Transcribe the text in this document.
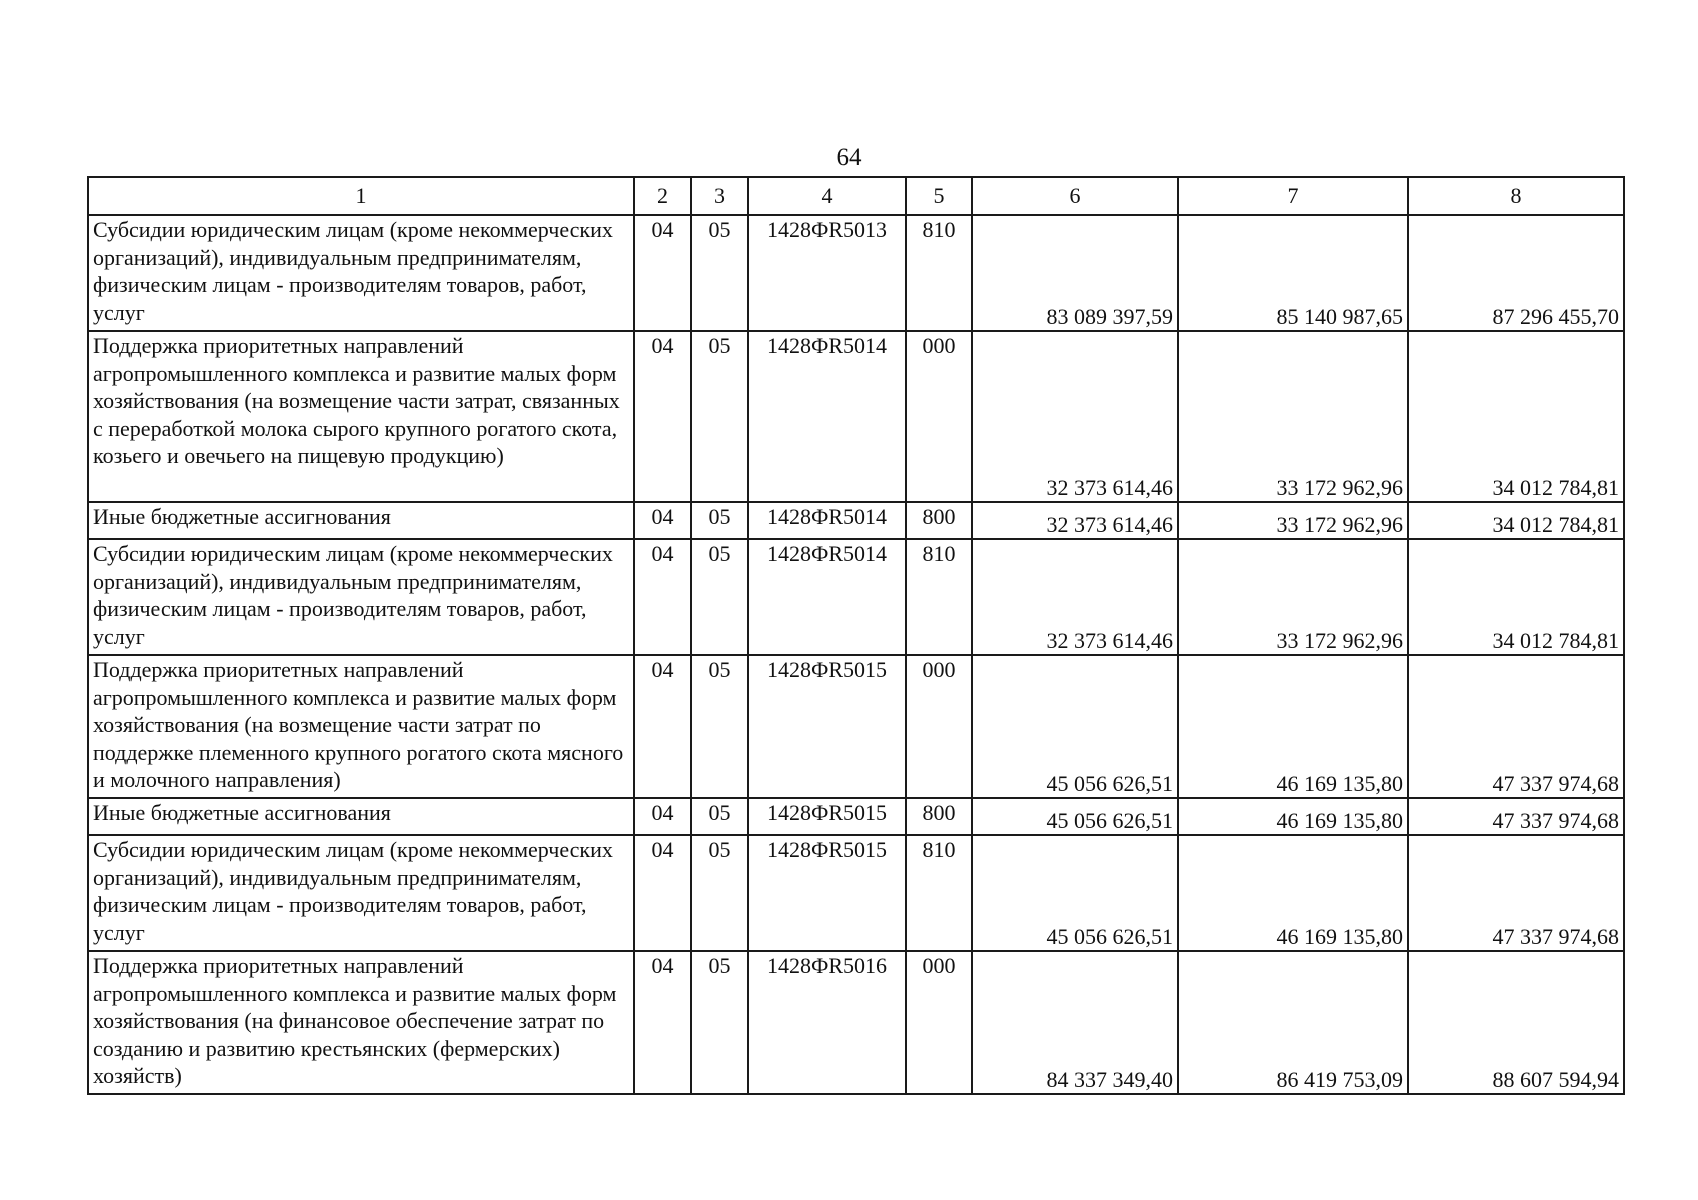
64
1	2	3	4	5	6	7	8
Субсидии юридическим лицам (кроме некоммерческих организаций), индивидуальным предпринимателям, физическим лицам - производителям товаров, работ, услуг	04	05	1428ФR5013	810	83 089 397,59	85 140 987,65	87 296 455,70
Поддержка приоритетных направлений агропромышленного комплекса и развитие малых форм хозяйствования (на возмещение части затрат, связанных с переработкой молока сырого крупного рогатого скота, козьего и овечьего на пищевую продукцию)	04	05	1428ФR5014	000	32 373 614,46	33 172 962,96	34 012 784,81
Иные бюджетные ассигнования	04	05	1428ФR5014	800	32 373 614,46	33 172 962,96	34 012 784,81
Субсидии юридическим лицам (кроме некоммерческих организаций), индивидуальным предпринимателям, физическим лицам - производителям товаров, работ, услуг	04	05	1428ФR5014	810	32 373 614,46	33 172 962,96	34 012 784,81
Поддержка приоритетных направлений агропромышленного комплекса и развитие малых форм хозяйствования (на возмещение части затрат по поддержке племенного крупного рогатого скота мясного и молочного направления)	04	05	1428ФR5015	000	45 056 626,51	46 169 135,80	47 337 974,68
Иные бюджетные ассигнования	04	05	1428ФR5015	800	45 056 626,51	46 169 135,80	47 337 974,68
Субсидии юридическим лицам (кроме некоммерческих организаций), индивидуальным предпринимателям, физическим лицам - производителям товаров, работ, услуг	04	05	1428ФR5015	810	45 056 626,51	46 169 135,80	47 337 974,68
Поддержка приоритетных направлений агропромышленного комплекса и развитие малых форм хозяйствования (на финансовое обеспечение затрат по созданию и развитию крестьянских (фермерских) хозяйств)	04	05	1428ФR5016	000	84 337 349,40	86 419 753,09	88 607 594,94
